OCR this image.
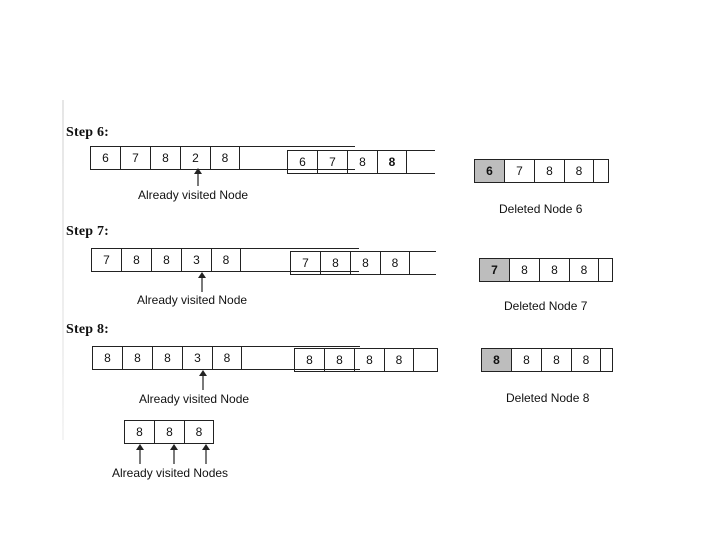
Step 6:
6	7	8	2	8
Already visited Node
6	7	8	8
6	7	8	8
Deleted Node 6
Step 7:
7	8	8	3	8
Already visited Node
7	8	8	8	7	8	8	8
Deleted Node 7
Step 8:
8	8	8	3	8
Already visited Node
8	8	8	8	8	8	8	8
Deleted Node 8
8	8	8
Already visited Nodes
